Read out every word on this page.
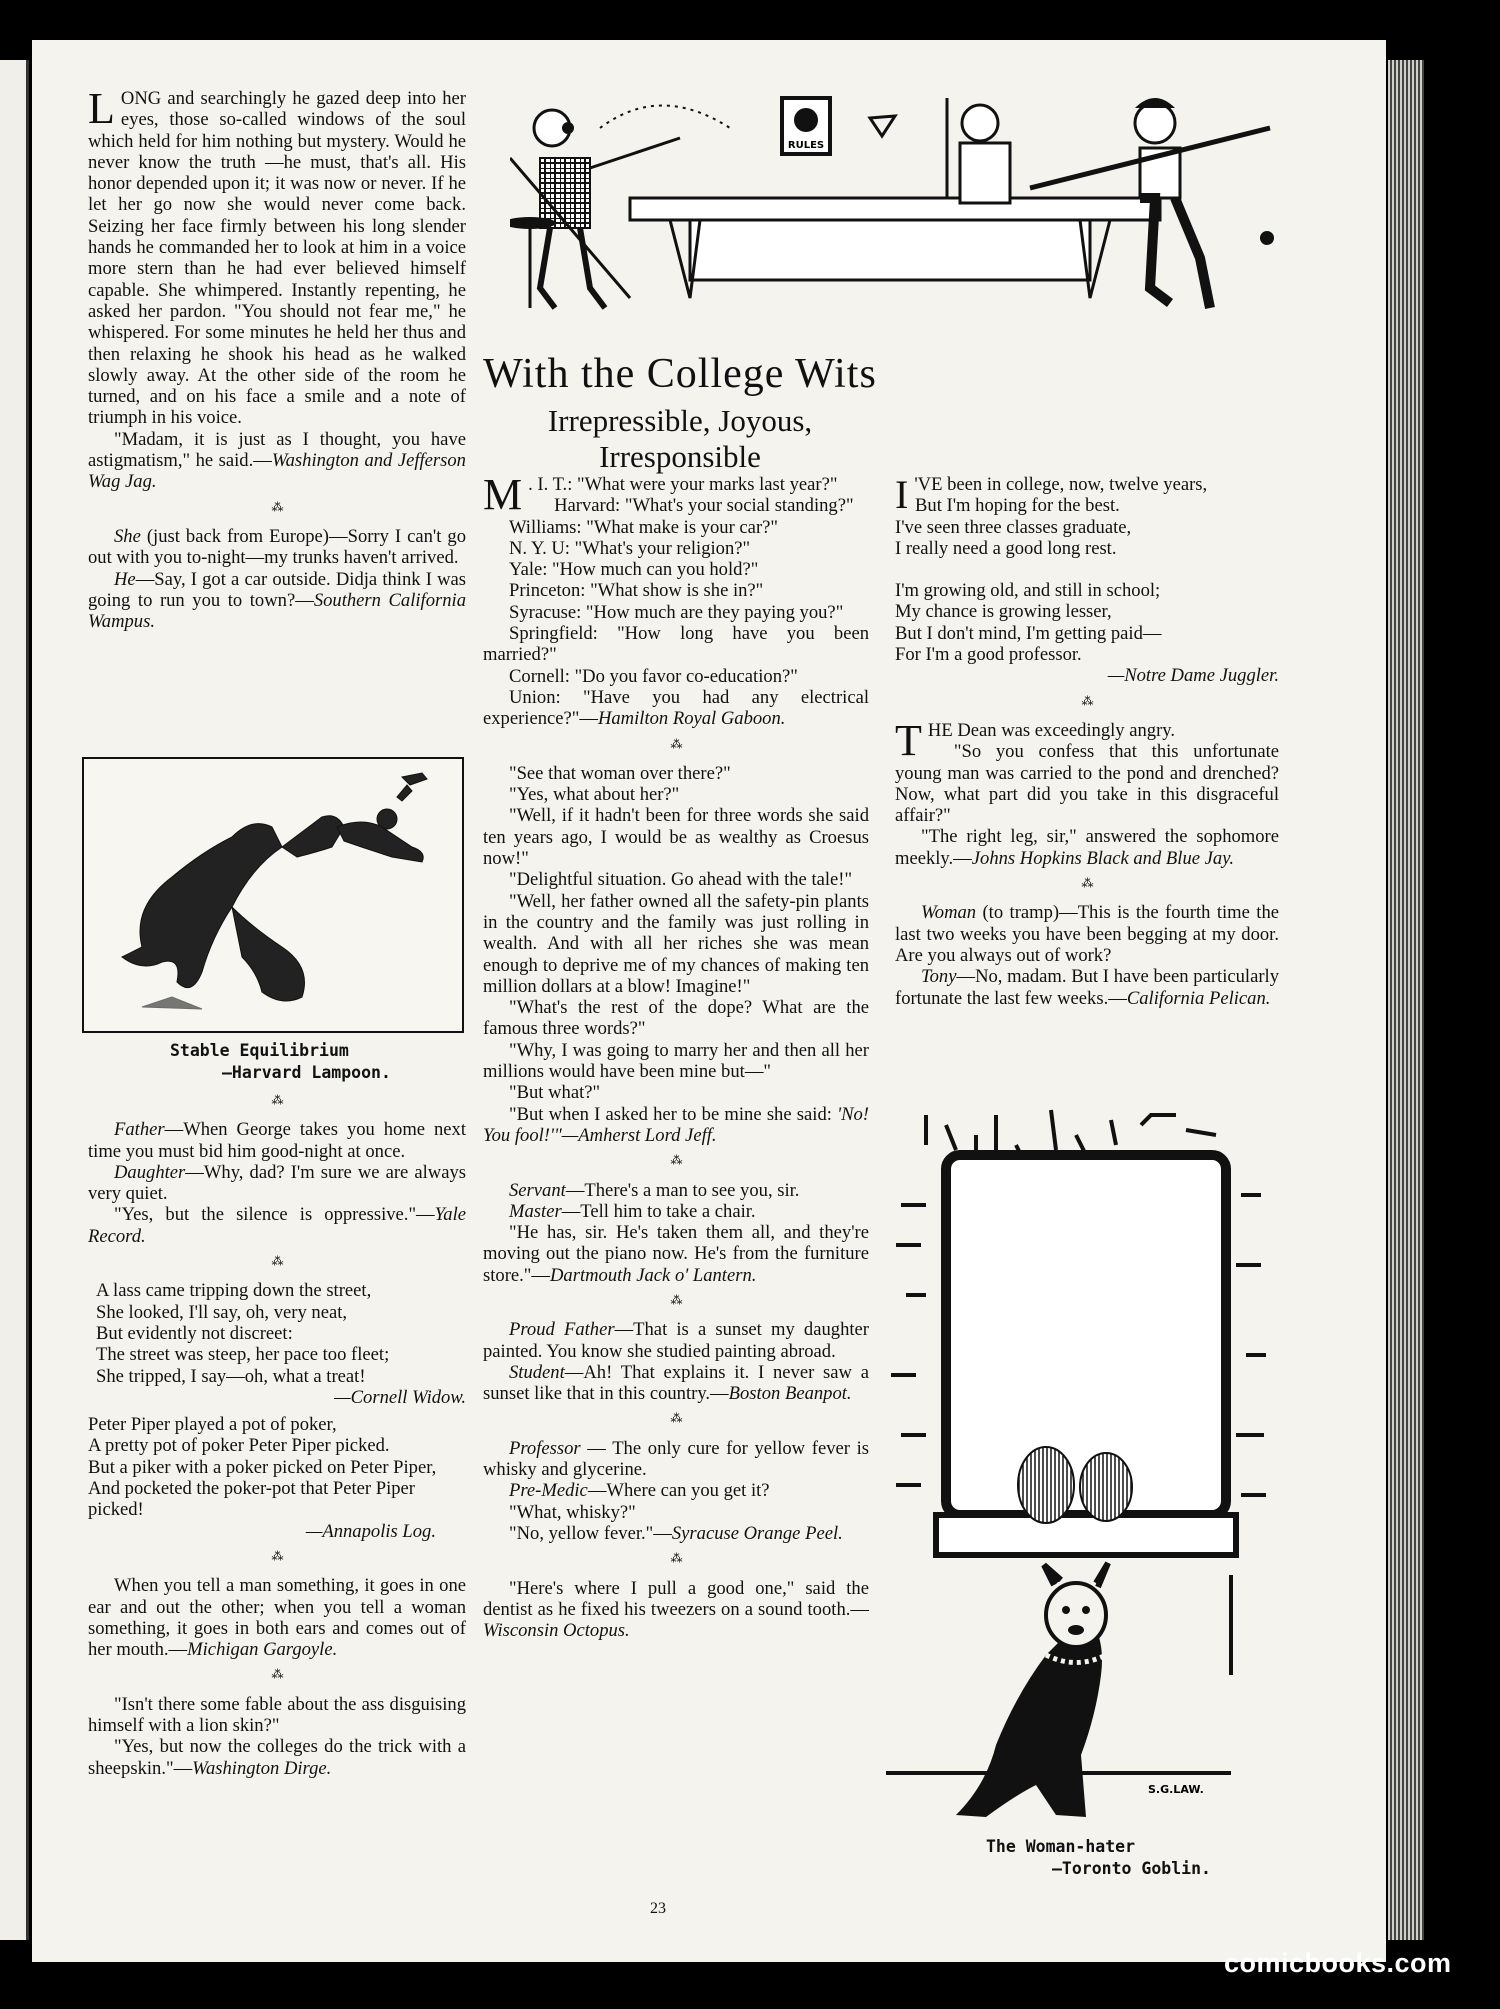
LONG and searchingly he gazed deep into her eyes, those so-called windows of the soul which held for him nothing but mystery. Would he never know the truth —he must, that's all. His honor depended upon it; it was now or never. If he let her go now she would never come back. Seizing her face firmly between his long slender hands he commanded her to look at him in a voice more stern than he had ever believed himself capable. She whimpered. Instantly repenting, he asked her pardon. "You should not fear me," he whispered. For some minutes he held her thus and then relaxing he shook his head as he walked slowly away. At the other side of the room he turned, and on his face a smile and a note of triumph in his voice.

"Madam, it is just as I thought, you have astigmatism," he said.—Washington and Jefferson Wag Jag.

⁂

She (just back from Europe)—Sorry I can't go out with you to-night—my trunks haven't arrived.

He—Say, I got a car outside. Didja think I was going to run you to town?—Southern California Wampus.

Stable Equilibrium
—Harvard Lampoon.
⁂

Father—When George takes you home next time you must bid him good-night at once.

Daughter—Why, dad? I'm sure we are always very quiet.

"Yes, but the silence is oppressive."—Yale Record.

⁂

A lass came tripping down the street,

She looked, I'll say, oh, very neat,

But evidently not discreet:

The street was steep, her pace too fleet;

She tripped, I say—oh, what a treat!

—Cornell Widow.

Peter Piper played a pot of poker,

A pretty pot of poker Peter Piper picked.

But a piker with a poker picked on Peter Piper,

And pocketed the poker-pot that Peter Piper picked!

—Annapolis Log.

⁂

When you tell a man something, it goes in one ear and out the other; when you tell a woman something, it goes in both ears and comes out of her mouth.—Michigan Gargoyle.

⁂

"Isn't there some fable about the ass disguising himself with a lion skin?"

"Yes, but now the colleges do the trick with a sheepskin."—Washington Dirge.

RULES
With the College Wits
Irrepressible, Joyous, Irresponsible

M . I. T.: "What were your marks last year?"

Harvard: "What's your social standing?"

Williams: "What make is your car?"

N. Y. U: "What's your religion?"

Yale: "How much can you hold?"

Princeton: "What show is she in?"

Syracuse: "How much are they paying you?"

Springfield: "How long have you been married?"

Cornell: "Do you favor co-education?"

Union: "Have you had any electrical experience?"—Hamilton Royal Gaboon.

⁂

"See that woman over there?"

"Yes, what about her?"

"Well, if it hadn't been for three words she said ten years ago, I would be as wealthy as Croesus now!"

"Delightful situation. Go ahead with the tale!"

"Well, her father owned all the safety-pin plants in the country and the family was just rolling in wealth. And with all her riches she was mean enough to deprive me of my chances of making ten million dollars at a blow! Imagine!"

"What's the rest of the dope? What are the famous three words?"

"Why, I was going to marry her and then all her millions would have been mine but—"

"But what?"

"But when I asked her to be mine she said: 'No! You fool!'"—Amherst Lord Jeff.

⁂

Servant—There's a man to see you, sir.

Master—Tell him to take a chair.

"He has, sir. He's taken them all, and they're moving out the piano now. He's from the furniture store."—Dartmouth Jack o' Lantern.

⁂

Proud Father—That is a sunset my daughter painted. You know she studied painting abroad.

Student—Ah! That explains it. I never saw a sunset like that in this country.—Boston Beanpot.

⁂

Professor — The only cure for yellow fever is whisky and glycerine.

Pre-Medic—Where can you get it?

"What, whisky?"

"No, yellow fever."—Syracuse Orange Peel.

⁂

"Here's where I pull a good one," said the dentist as he fixed his tweezers on a sound tooth.—Wisconsin Octopus.

I 'VE been in college, now, twelve years,

But I'm hoping for the best.

I've seen three classes graduate,

I really need a good long rest.

I'm growing old, and still in school;

My chance is growing lesser,

But I don't mind, I'm getting paid—

For I'm a good professor.

—Notre Dame Juggler.

⁂

THE Dean was exceedingly angry.

"So you confess that this unfortunate young man was carried to the pond and drenched? Now, what part did you take in this disgraceful affair?"

"The right leg, sir," answered the sophomore meekly.—Johns Hopkins Black and Blue Jay.

⁂

Woman (to tramp)—This is the fourth time the last two weeks you have been begging at my door. Are you always out of work?

Tony—No, madam. But I have been particularly fortunate the last few weeks.—California Pelican.

S.G.LAW.
The Woman-hater
—Toronto Goblin.
23
comicbooks.com
